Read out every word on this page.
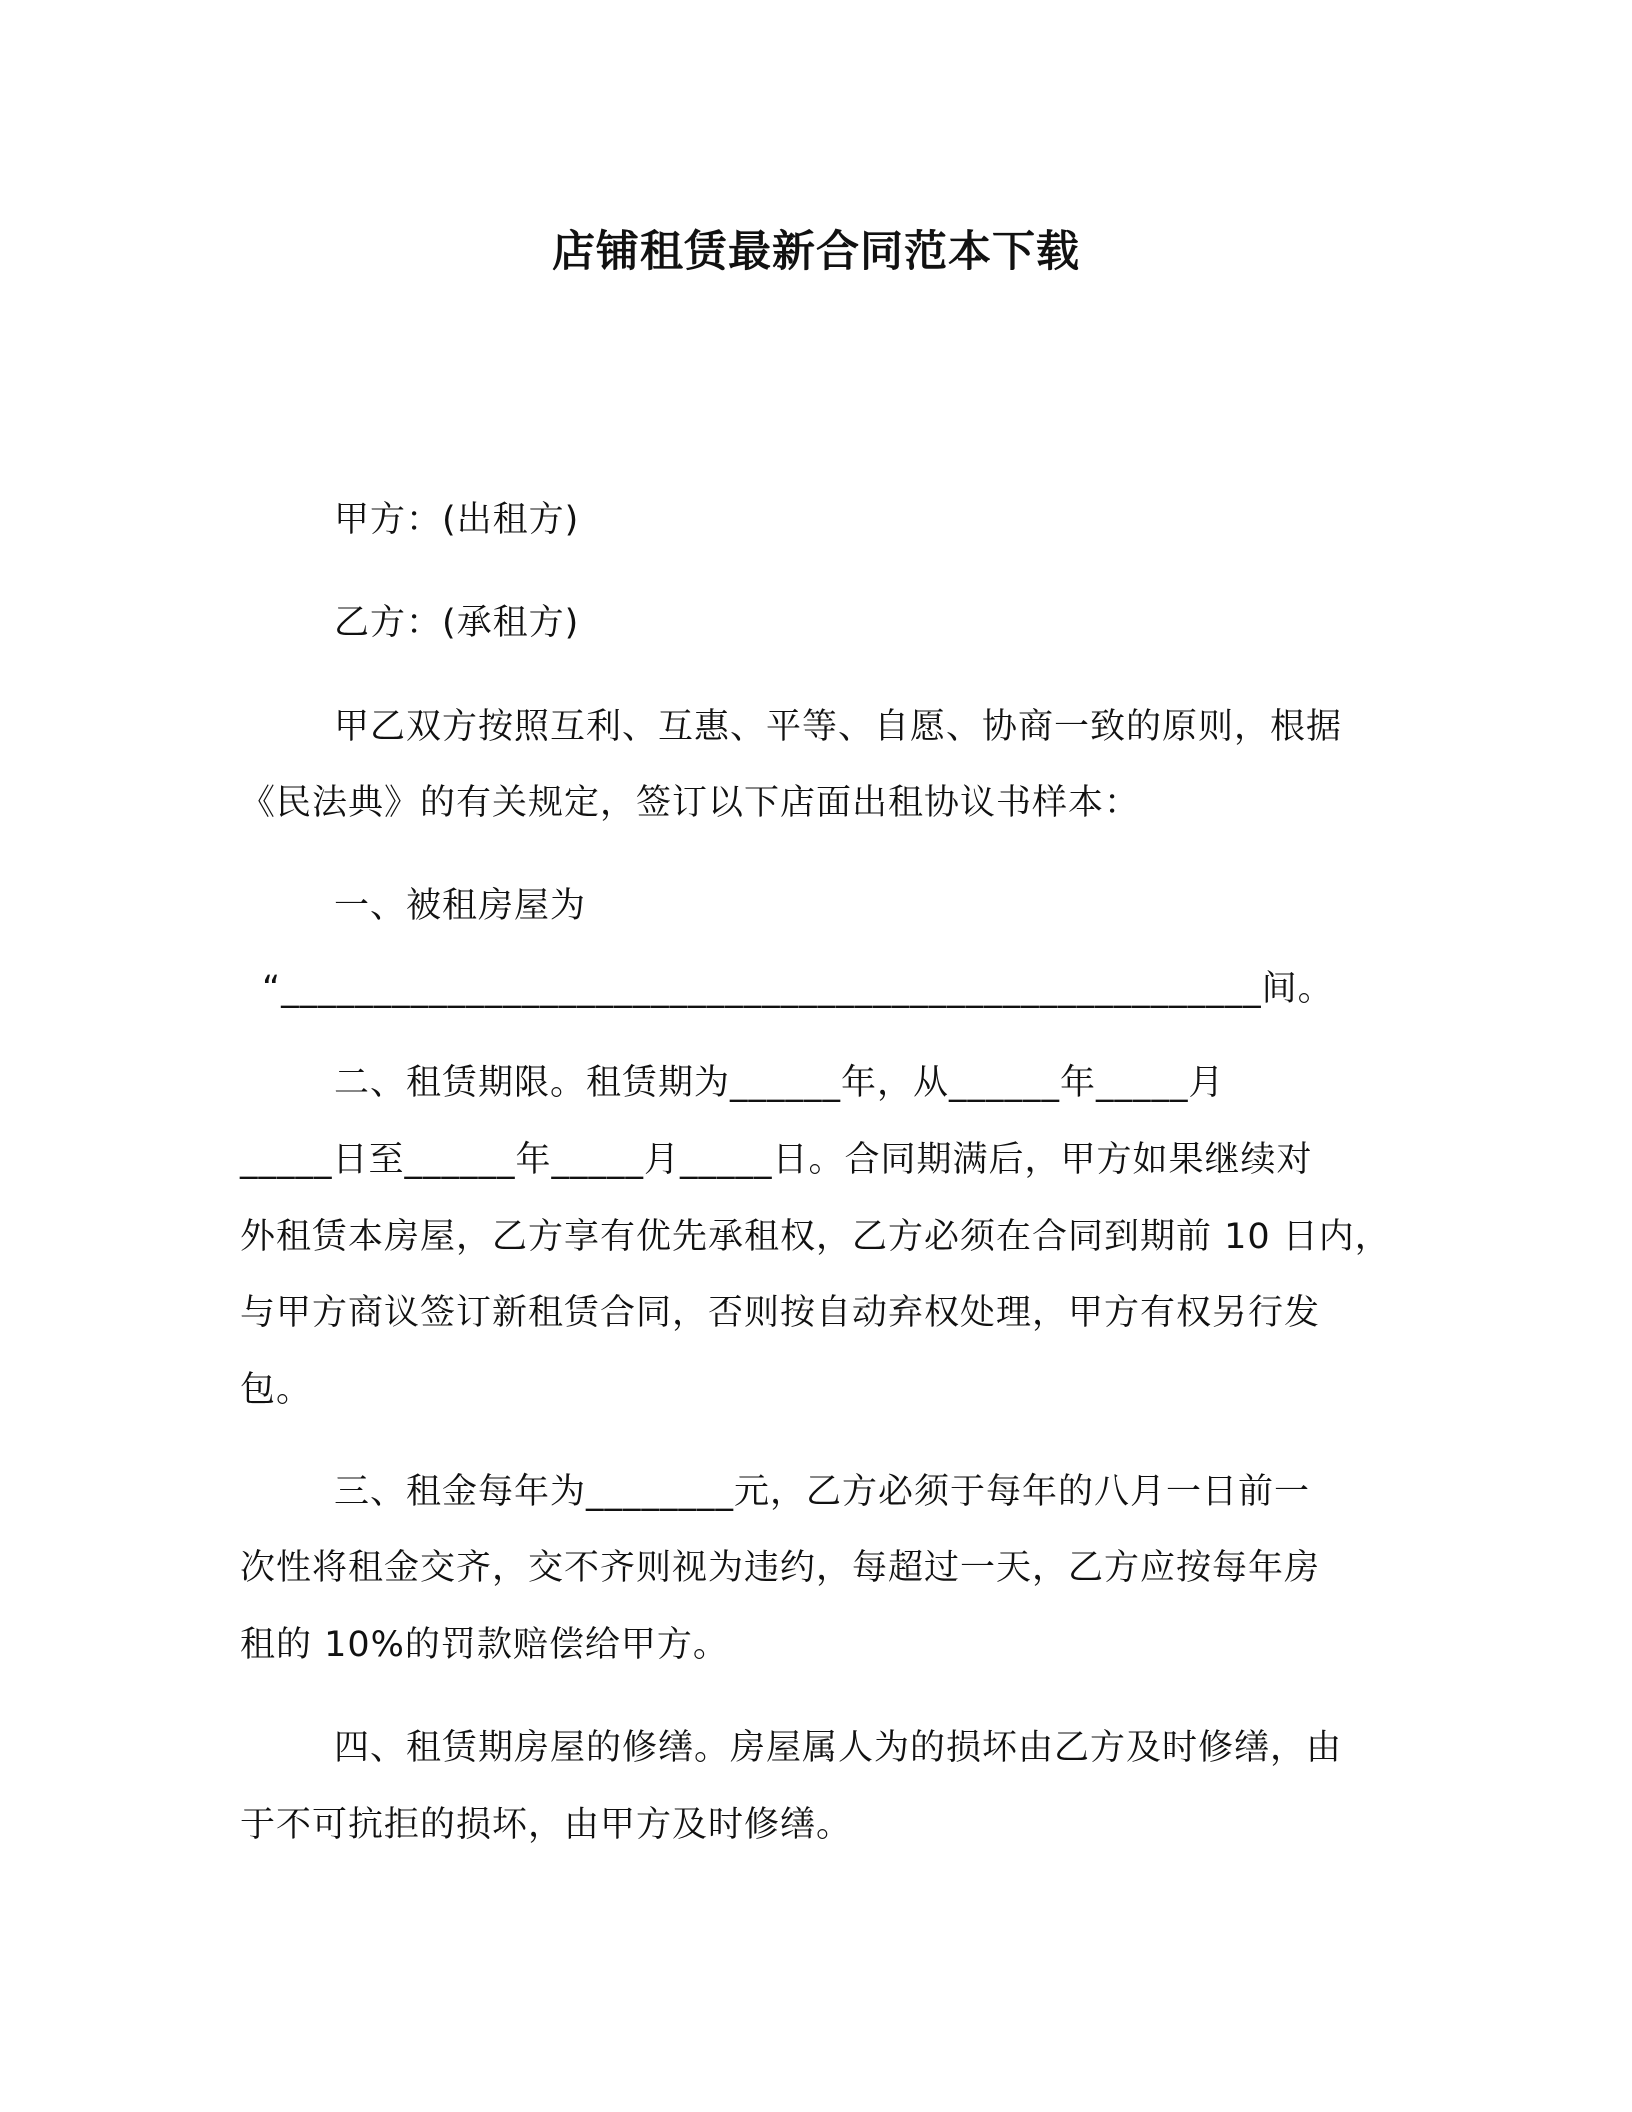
店铺租赁最新合同范本下载
甲方：(出租方)
乙方：(承租方)
甲乙双方按照互利、互惠、平等、自愿、协商一致的原则，根据
《民法典》的有关规定，签订以下店面出租协议书样本：
一、被租房屋为
“_____________________________________________________间。
二、租赁期限。租赁期为______年，从______年_____月
_____日至______年_____月_____日。合同期满后，甲方如果继续对
外租赁本房屋，乙方享有优先承租权，乙方必须在合同到期前 10 日内，
与甲方商议签订新租赁合同，否则按自动弃权处理，甲方有权另行发
包。
三、租金每年为________元，乙方必须于每年的八月一日前一
次性将租金交齐，交不齐则视为违约，每超过一天，乙方应按每年房
租的 10%的罚款赔偿给甲方。
四、租赁期房屋的修缮。房屋属人为的损坏由乙方及时修缮，由
于不可抗拒的损坏，由甲方及时修缮。
